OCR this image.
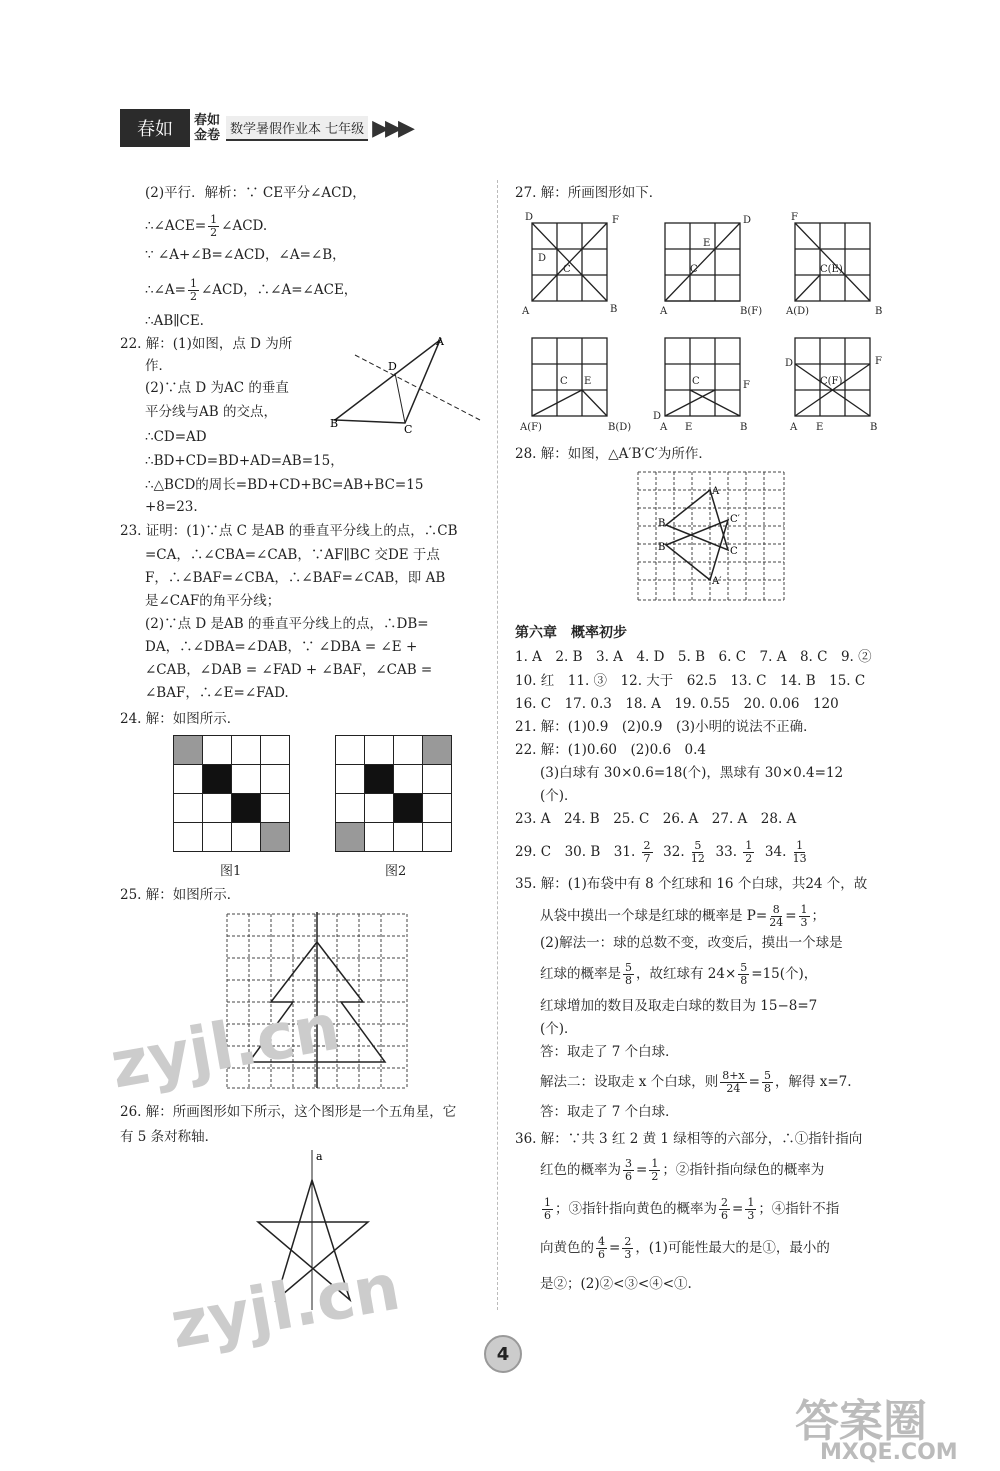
春如	春如
金卷 数学暑假作业本 七年级 ▶▶▶
(2)平行．解析：∵ CE平分∠ACD，
∴∠ACE= $\frac{1}{2}$ ∠ACD.
∵ ∠A+∠B=∠ACD，∠A=∠B，
∴∠A= $\frac{1}{2}$ ∠ACD，∴∠A=∠ACE，
∴AB∥CE.
22. 解：(1)如图，点 D 为所
作．
(2)∵点 D 为AC 的垂直
平分线与AB 的交点，
∴CD=AD
∴BD+CD=BD+AD=AB=15，
∴△BCD的周长=BD+CD+BC=AB+BC=15
+8=23.
B
A
C
D
23. 证明：(1)∵点 C 是AB 的垂直平分线上的点，∴CB
=CA，∴∠CBA=∠CAB，∵AF∥BC 交DE 于点
F，∴∠BAF=∠CBA，∴∠BAF=∠CAB，即 AB
是∠CAF的角平分线；
(2)∵点 D 是AB 的垂直平分线上的点，∴DB=
DA，∴∠DBA=∠DAB，∵ ∠DBA = ∠E +
∠CAB，∠DAB = ∠FAD + ∠BAF，∠CAB =
∠BAF，∴∠E=∠FAD.
24. 解：如图所示．

图1	图2
25. 解：如图所示．
zyjl.cn
26. 解：所画图形如下所示，这个图形是一个五角星，它
有 5 条对称轴．
a
zyjl.cn
27. 解：所画图形如下．
D	F	D	F
D
E
C	C	C(E)
A	B	A	B(F) A(D)	B
C E
D
C	F
D
C(F)
F
A(F)	B(D)	A E	B	A E	B
28. 解：如图，△A′B′C′为所作．
A
B
C
A′
B′
C′
第六章　概率初步
1. A　2. B　3. A　4. D　5. B　6. C　7. A　8. C　9. ②
10. 红　11. ③　12. 大于　62.5　13. C　14. B　15. C
16. C　17. 0.3　18. A　19. 0.55　20. 0.06　120
21. 解：(1)0.9　(2)0.9　(3)小明的说法不正确．
22. 解：(1)0.60　(2)0.6　0.4
(3)白球有 30×0.6=18(个)，黑球有 30×0.4=12
(个)．
23. A　24. B　25. C　26. A　27. A　28. A
29. C　30. B　31. $\frac{2}{7} 32$. $\frac{5}{12} 33$. $\frac{1}{2} 34$. $\frac{1}{13}$
35. 解：(1)布袋中有 8 个红球和 16 个白球，共24 个，故
从袋中摸出一个球是红球的概率是 $P= \frac{8}{24} = \frac{1}{3}$ ；
(2)解法一：球的总数不变，改变后，摸出一个球是
红球的概率是 $\frac{5}{8}$ ，故红球有 $24\times \frac{5}{8} =15$(个)，
红球增加的数目及取走白球的数目为 15−8=7
(个)．
答：取走了 7 个白球．
解法二：设取走 x 个白球，则 $\frac{8+x}{24} = \frac{5}{8}$ ，解得 x=7.
答：取走了 7 个白球．
36. 解：∵共 3 红 2 黄 1 绿相等的六部分，∴①指针指向
红色的概率为 $\frac{3}{6} = \frac{1}{2}$ ；②指针指向绿色的概率为
$\frac{1}{6}$ ；③指针指向黄色的概率为 $\frac{2}{6} = \frac{1}{3}$ ；④指针不指
向黄色的 $\frac{4}{6} = \frac{2}{3}$ ，(1)可能性最大的是①，最小的
是②；(2)②<③<④<①.
4
答案圈
MXQE.COM
